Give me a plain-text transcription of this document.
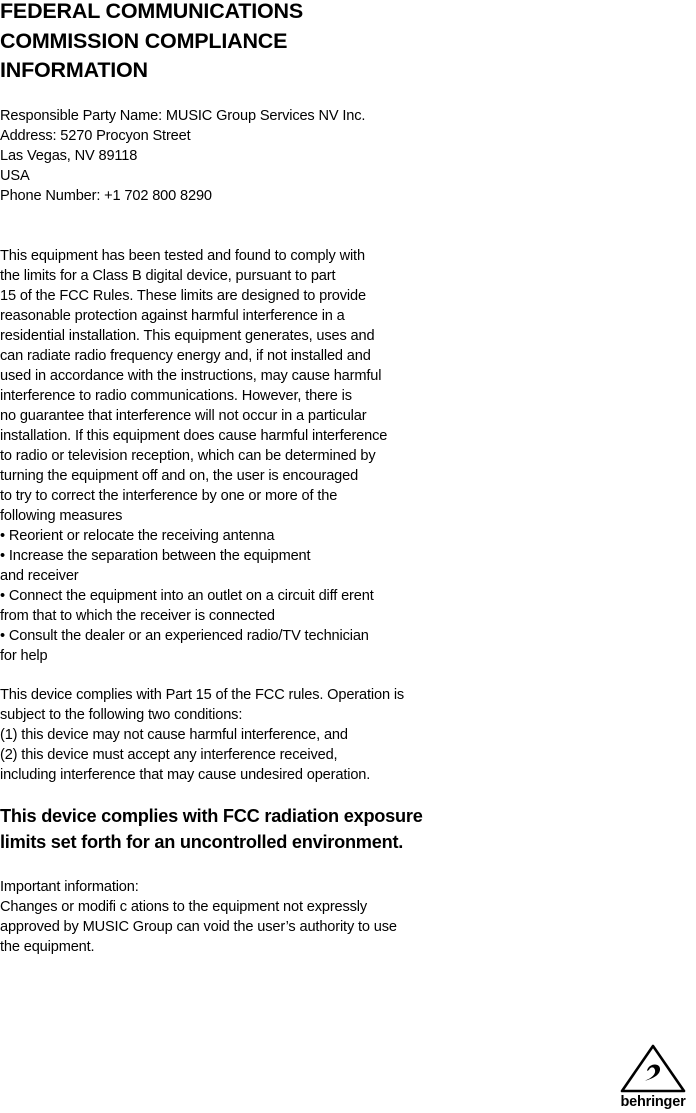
FEDERAL COMMUNICATIONS
COMMISSION COMPLIANCE
INFORMATION

Responsible Party Name: MUSIC Group Services NV Inc.
Address: 5270 Procyon Street
Las Vegas, NV 89118
USA
Phone Number: +1 702 800 8290

This equipment has been tested and found to comply with
the limits for a Class B digital device, pursuant to part
15 of the FCC Rules. These limits are designed to provide
reasonable protection against harmful interference in a
residential installation. This equipment generates, uses and
can radiate radio frequency energy and, if not installed and
used in accordance with the instructions, may cause harmful
interference to radio communications. However, there is
no guarantee that interference will not occur in a particular
installation. If this equipment does cause harmful interference
to radio or television reception, which can be determined by
turning the equipment off and on, the user is encouraged
to try to correct the interference by one or more of the
following measures
• Reorient or relocate the receiving antenna
• Increase the separation between the equipment
and receiver
• Connect the equipment into an outlet on a circuit diff erent
from that to which the receiver is connected
• Consult the dealer or an experienced radio/TV technician
for help

This device complies with Part 15 of the FCC rules. Operation is
subject to the following two conditions:
(1) this device may not cause harmful interference, and
(2) this device must accept any interference received,
including interference that may cause undesired operation.

This device complies with FCC radiation exposure
limits set forth for an uncontrolled environment.

Important information:
Changes or modifi c ations to the equipment not expressly
approved by MUSIC Group can void the user’s authority to use
the equipment.

behringer
